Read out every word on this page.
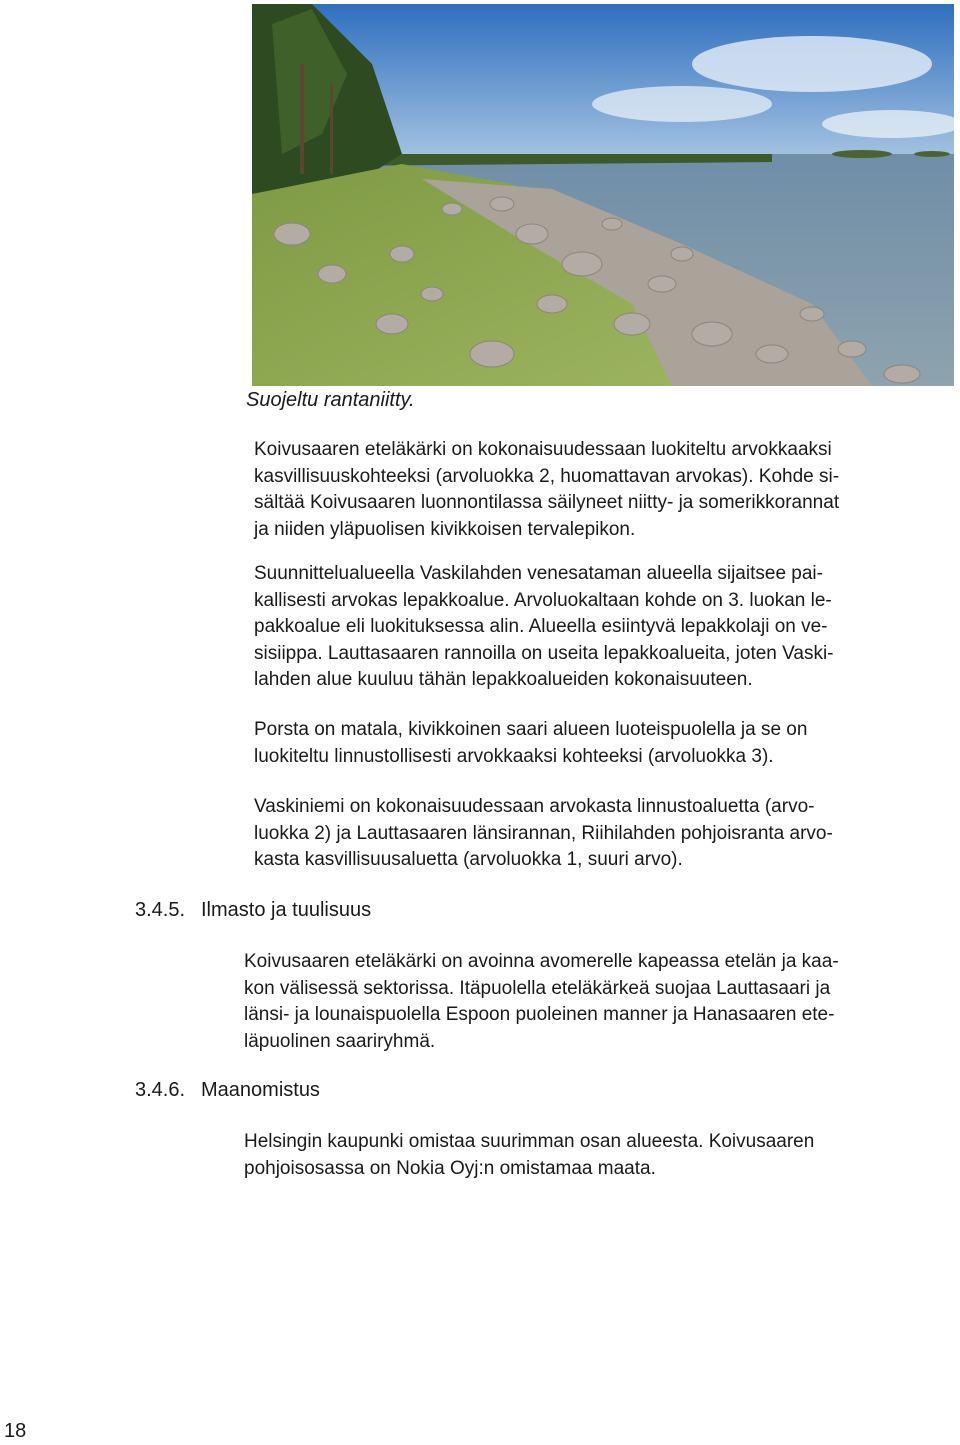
Suojeltu rantaniitty.

Koivusaaren eteläkärki on kokonaisuudessaan luokiteltu arvokkaaksi
kasvillisuuskohteeksi (arvoluokka 2, huomattavan arvokas). Kohde si-
sältää Koivusaaren luonnontilassa säilyneet niitty- ja somerikkorannat
ja niiden yläpuolisen kivikkoisen tervalepikon.

Suunnittelualueella Vaskilahden venesataman alueella sijaitsee pai-
kallisesti arvokas lepakkoalue. Arvoluokaltaan kohde on 3. luokan le-
pakkoalue eli luokituksessa alin. Alueella esiintyvä lepakkolaji on ve-
sisiippa. Lauttasaaren rannoilla on useita lepakkoalueita, joten Vaski-
lahden alue kuuluu tähän lepakkoalueiden kokonaisuuteen.

Porsta on matala, kivikkoinen saari alueen luoteispuolella ja se on
luokiteltu linnustollisesti arvokkaaksi kohteeksi (arvoluokka 3).

Vaskiniemi on kokonaisuudessaan arvokasta linnustoaluetta (arvo-
luokka 2) ja Lauttasaaren länsirannan, Riihilahden pohjoisranta arvo-
kasta kasvillisuusaluetta (arvoluokka 1, suuri arvo).

3.4.5. Ilmasto ja tuulisuus

Koivusaaren eteläkärki on avoinna avomerelle kapeassa etelän ja kaa-
kon välisessä sektorissa. Itäpuolella eteläkärkeä suojaa Lauttasaari ja
länsi- ja lounaispuolella Espoon puoleinen manner ja Hanasaaren ete-
läpuolinen saariryhmä.

3.4.6. Maanomistus

Helsingin kaupunki omistaa suurimman osan alueesta. Koivusaaren
pohjoisosassa on Nokia Oyj:n omistamaa maata.

18
